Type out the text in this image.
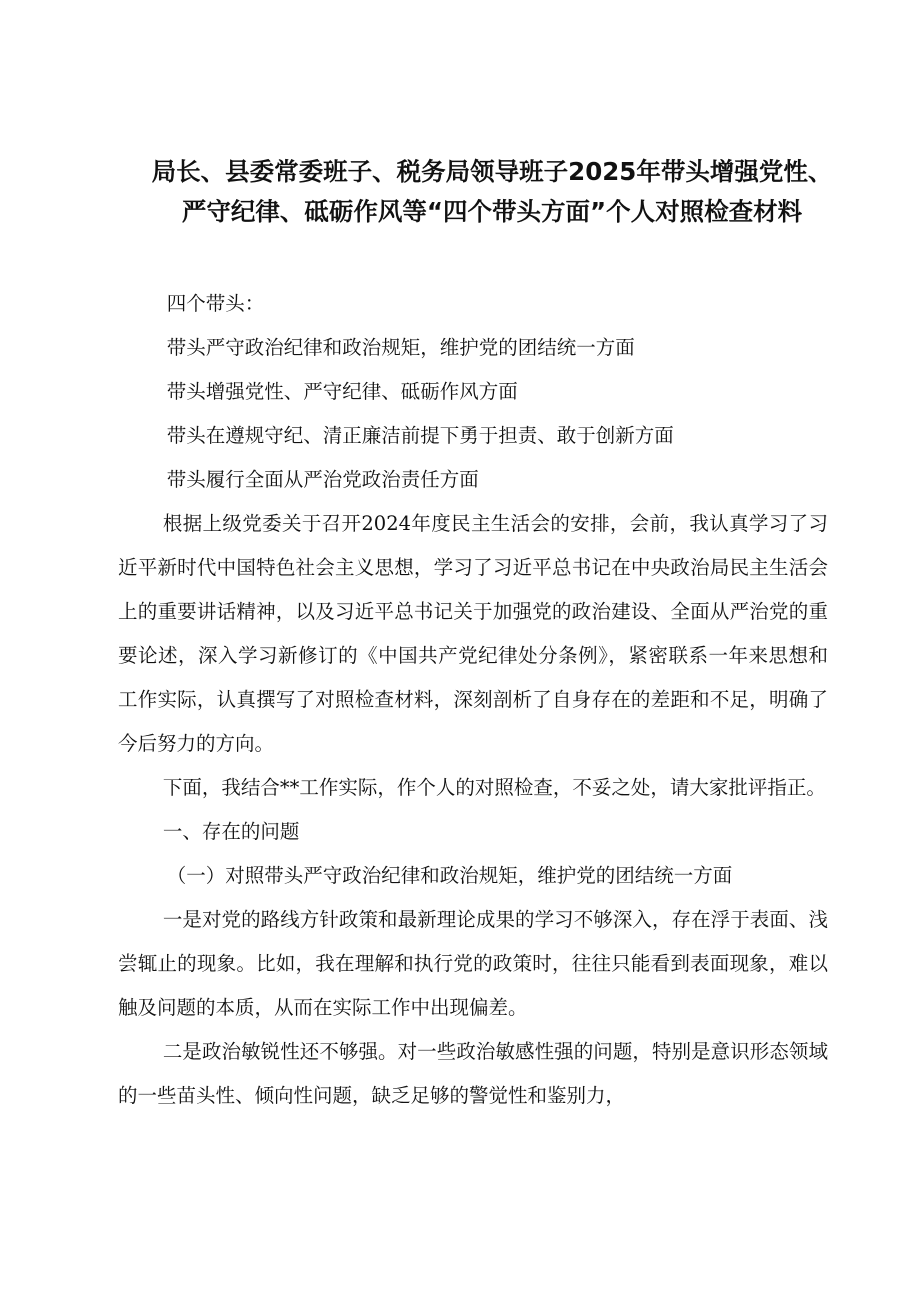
局长、县委常委班子、税务局领导班子2025年带头增强党性、严守纪律、砥砺作风等“四个带头方面”个人对照检查材料

四个带头：

带头严守政治纪律和政治规矩，维护党的团结统一方面

带头增强党性、严守纪律、砥砺作风方面

带头在遵规守纪、清正廉洁前提下勇于担责、敢于创新方面

带头履行全面从严治党政治责任方面

根据上级党委关于召开2024年度民主生活会的安排，会前，我认真学习了习近平新时代中国特色社会主义思想，学习了习近平总书记在中央政治局民主生活会上的重要讲话精神，以及习近平总书记关于加强党的政治建设、全面从严治党的重要论述，深入学习新修订的《中国共产党纪律处分条例》，紧密联系一年来思想和工作实际，认真撰写了对照检查材料，深刻剖析了自身存在的差距和不足，明确了今后努力的方向。

下面，我结合**工作实际，作个人的对照检查，不妥之处，请大家批评指正。

一、存在的问题

（一）对照带头严守政治纪律和政治规矩，维护党的团结统一方面

一是对党的路线方针政策和最新理论成果的学习不够深入，存在浮于表面、浅尝辄止的现象。比如，我在理解和执行党的政策时，往往只能看到表面现象，难以触及问题的本质，从而在实际工作中出现偏差。

二是政治敏锐性还不够强。对一些政治敏感性强的问题，特别是意识形态领域的一些苗头性、倾向性问题，缺乏足够的警觉性和鉴别力，
